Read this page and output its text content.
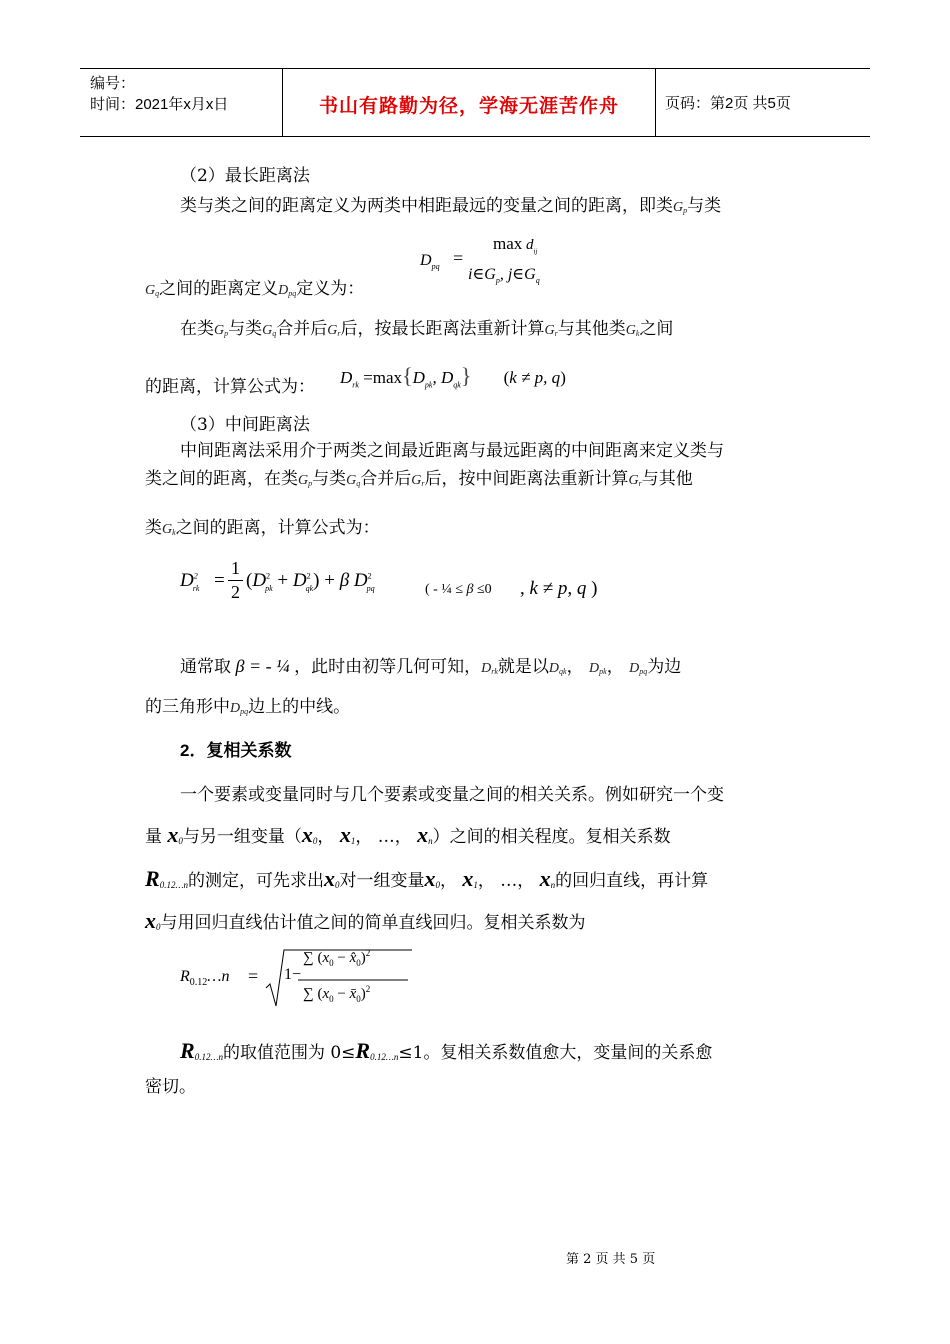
编号：
时间：2021年x月x日	书山有路勤为径，学海无涯苦作舟	页码：第2页 共5页
（2）最长距离法
类与类之间的距离定义为两类中相距最远的变量之间的距离，即类$G_p$与类
$D_{pq}$ =
$\max d_{ij}$
$i\in G_p$, $j\in G_q$
$G_q$之间的距离定义$D_{pq}$定义为：
在类$G_p$与类$G_q$合并后$G_r$后，按最长距离法重新计算$G_r$与其他类$G_k$之间
的距离，计算公式为： $D_{rk} =\max\{D_{pk}$, $D_{qk}$} (k ≠ p, q)
（3）中间距离法
中间距离法采用介于两类之间最近距离与最远距离的中间距离来定义类与
类之间的距离，在类$G_p$与类$G_q$合并后$G_r$后，按中间距离法重新计算$G_r$与其他
类$G_k$之间的距离，计算公式为：
$D^2_{rk}$ =
1
2
$(D^2_{pk} + D^2_{qk}) + \beta$ $D^2_{pq}$	( - ¼ ≤ β ≤0 , k ≠ p, q )
通常取 β = - ¼ ，此时由初等几何可知，$D_{rk}$就是以$D_{qk}$， $D_{pk}$， $D_{pq}$为边
的三角形中$D_{pq}$边上的中线。
2．复相关系数
一个要素或变量同时与几个要素或变量之间的相关关系。例如研究一个变
量 $x_0$与另一组变量（$x_0$， $x_1$， …， $x_n$）之间的相关程度。复相关系数
$R_{0.12\dots n}$的测定，可先求出$x_0$对一组变量$x_0$， $x_1$， …， $x_n$的回归直线，再计算
$x_0$与用回归直线估计值之间的简单直线回归。复相关系数为
$R_{0.12}\dots n = 1-$
∑ ($x_0$ − $x̂_0)^2$
∑ ($x_0$ − $x̄_0)^2$
$R_{0.12\dots n}$的取值范围为 $0\le R_{0.12\dots n}\le 1$。复相关系数值愈大，变量间的关系愈
密切。
第 2 页 共 5 页
